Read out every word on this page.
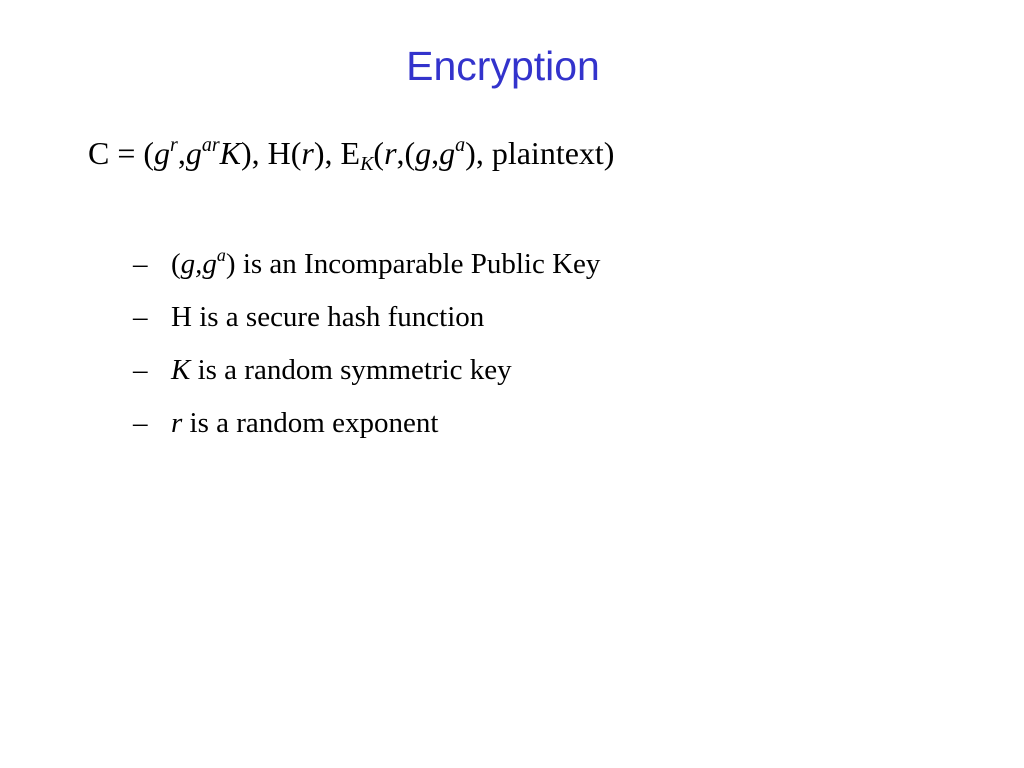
Encryption
$C = (g^r,g^{ar}K)$, H(r), $E_K(r,(g,g^a)$, plaintext)
– $(g,g^a)$ is an Incomparable Public Key
– H is a secure hash function
– K is a random symmetric key
– r is a random exponent
